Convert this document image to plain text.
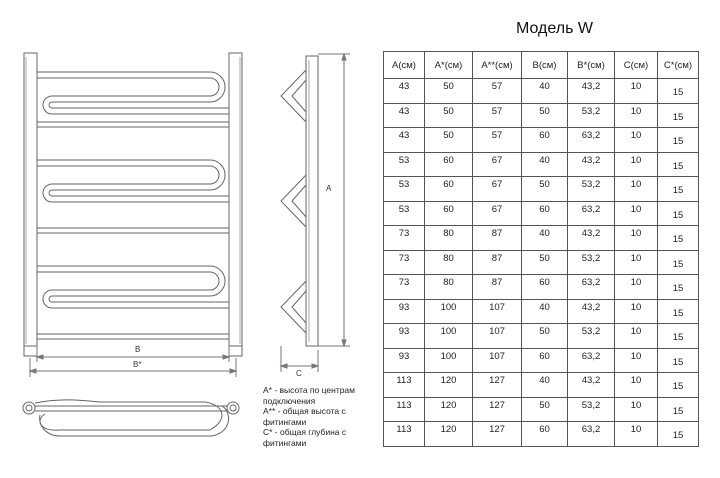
B
B*
A
C
Модель W
A(см)	A*(см)	A**(см)	B(см)	B*(см)	C(см)	C*(см)
43	50	57	40	43,2	10	15
43	50	57	50	53,2	10	15
43	50	57	60	63,2	10	15
53	60	67	40	43,2	10	15
53	60	67	50	53,2	10	15
53	60	67	60	63,2	10	15
73	80	87	40	43,2	10	15
73	80	87	50	53,2	10	15
73	80	87	60	63,2	10	15
93	100	107	40	43,2	10	15
93	100	107	50	53,2	10	15
93	100	107	60	63,2	10	15
113	120	127	40	43,2	10	15
113	120	127	50	53,2	10	15
113	120	127	60	63,2	10	15
A* - высота по центрам
подключения
A** - общая высота с
фитингами
C* - общая глубина с
фитингами
